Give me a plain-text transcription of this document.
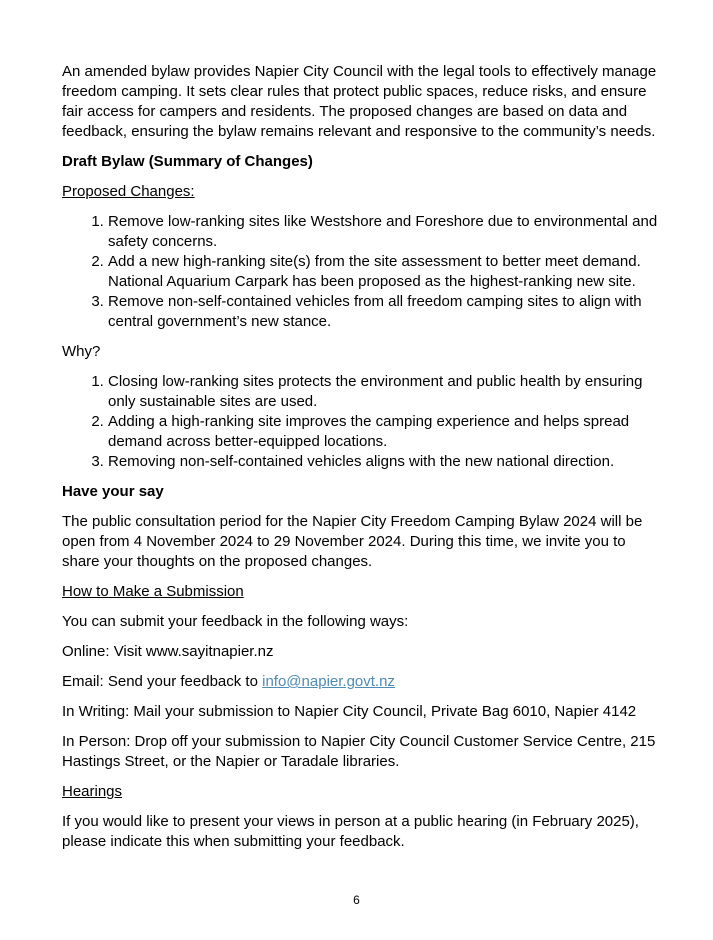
An amended bylaw provides Napier City Council with the legal tools to effectively manage freedom camping. It sets clear rules that protect public spaces, reduce risks, and ensure fair access for campers and residents. The proposed changes are based on data and feedback, ensuring the bylaw remains relevant and responsive to the community’s needs.

Draft Bylaw (Summary of Changes)

Proposed Changes:

1. Remove low-ranking sites like Westshore and Foreshore due to environmental and safety concerns.
2. Add a new high-ranking site(s) from the site assessment to better meet demand. National Aquarium Carpark has been proposed as the highest-ranking new site.
3. Remove non-self-contained vehicles from all freedom camping sites to align with central government’s new stance.

Why?

1. Closing low-ranking sites protects the environment and public health by ensuring only sustainable sites are used.
2. Adding a high-ranking site improves the camping experience and helps spread demand across better-equipped locations.
3. Removing non-self-contained vehicles aligns with the new national direction.

Have your say

The public consultation period for the Napier City Freedom Camping Bylaw 2024 will be open from 4 November 2024 to 29 November 2024. During this time, we invite you to share your thoughts on the proposed changes.

How to Make a Submission

You can submit your feedback in the following ways:

Online: Visit www.sayitnapier.nz

Email: Send your feedback to info@napier.govt.nz

In Writing: Mail your submission to Napier City Council, Private Bag 6010, Napier 4142

In Person: Drop off your submission to Napier City Council Customer Service Centre, 215 Hastings Street, or the Napier or Taradale libraries.

Hearings

If you would like to present your views in person at a public hearing (in February 2025), please indicate this when submitting your feedback.

6
